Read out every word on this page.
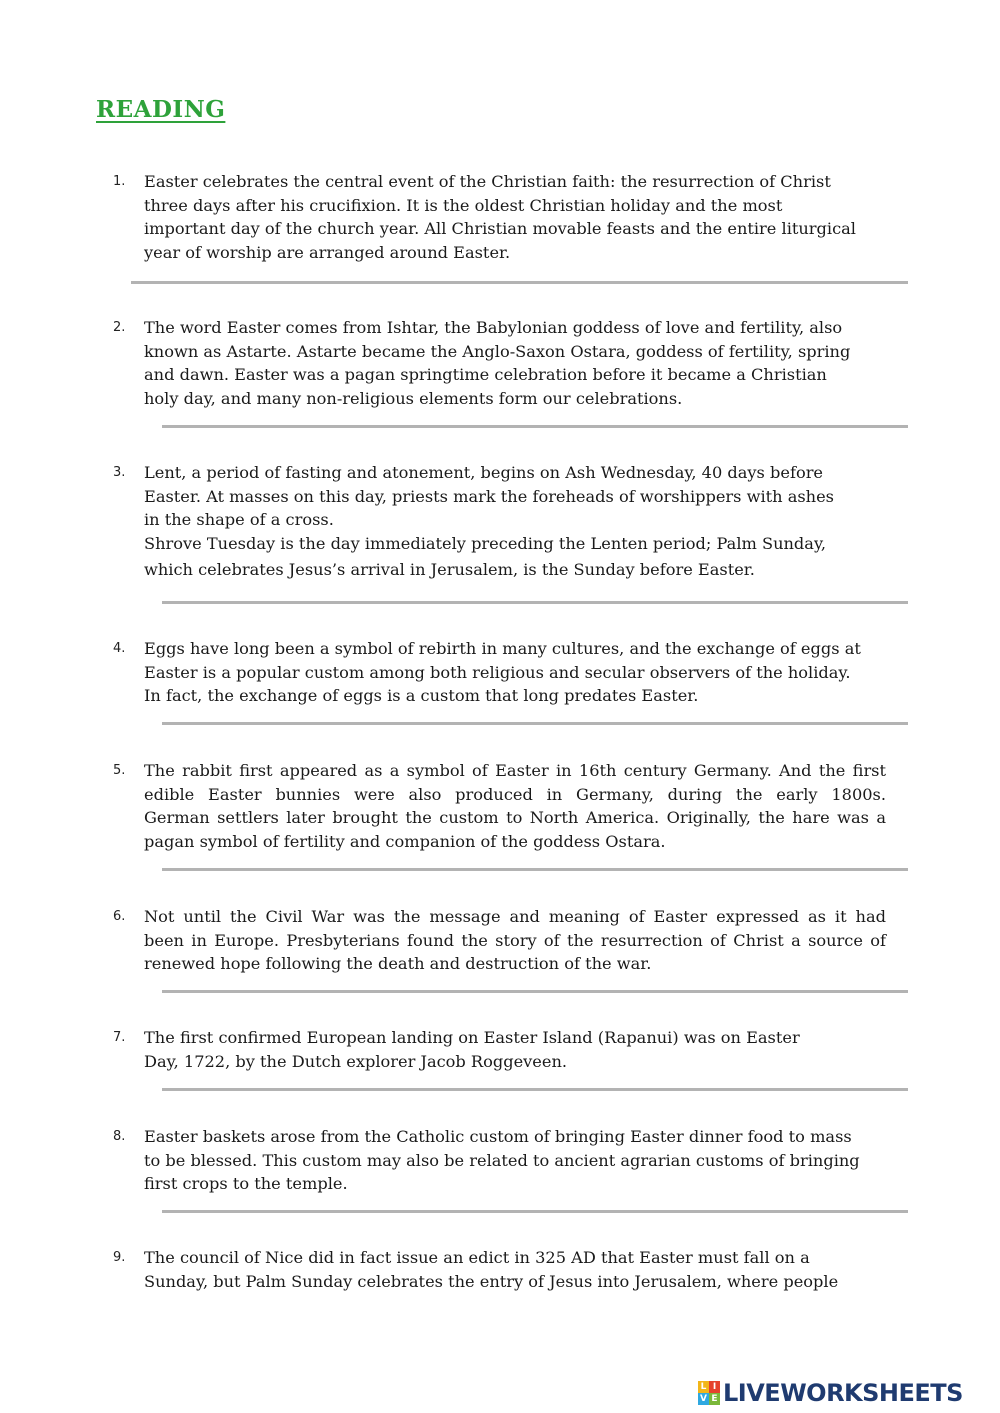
READING
1. Easter celebrates the central event of the Christian faith: the resurrection of Christ
three days after his crucifixion. It is the oldest Christian holiday and the most
important day of the church year. All Christian movable feasts and the entire liturgical
year of worship are arranged around Easter.

2. The word Easter comes from Ishtar, the Babylonian goddess of love and fertility, also
known as Astarte. Astarte became the Anglo-Saxon Ostara, goddess of fertility, spring
and dawn. Easter was a pagan springtime celebration before it became a Christian
holy day, and many non-religious elements form our celebrations.

3. Lent, a period of fasting and atonement, begins on Ash Wednesday, 40 days before
Easter. At masses on this day, priests mark the foreheads of worshippers with ashes
in the shape of a cross.
Shrove Tuesday is the day immediately preceding the Lenten period; Palm Sunday,
which celebrates Jesus’s arrival in Jerusalem, is the Sunday before Easter.

4. Eggs have long been a symbol of rebirth in many cultures, and the exchange of eggs at
Easter is a popular custom among both religious and secular observers of the holiday.
In fact, the exchange of eggs is a custom that long predates Easter.

5. The rabbit first appeared as a symbol of Easter in 16th century Germany. And the first
edible Easter bunnies were also produced in Germany, during the early 1800s.
German settlers later brought the custom to North America. Originally, the hare was a
pagan symbol of fertility and companion of the goddess Ostara.

6. Not until the Civil War was the message and meaning of Easter expressed as it had
been in Europe. Presbyterians found the story of the resurrection of Christ a source of
renewed hope following the death and destruction of the war.

7. The first confirmed European landing on Easter Island (Rapanui) was on Easter
Day, 1722, by the Dutch explorer Jacob Roggeveen.

8. Easter baskets arose from the Catholic custom of bringing Easter dinner food to mass
to be blessed. This custom may also be related to ancient agrarian customs of bringing
first crops to the temple.

9. The council of Nice did in fact issue an edict in 325 AD that Easter must fall on a
Sunday, but Palm Sunday celebrates the entry of Jesus into Jerusalem, where people

L I
V E LIVEWORKSHEETS
